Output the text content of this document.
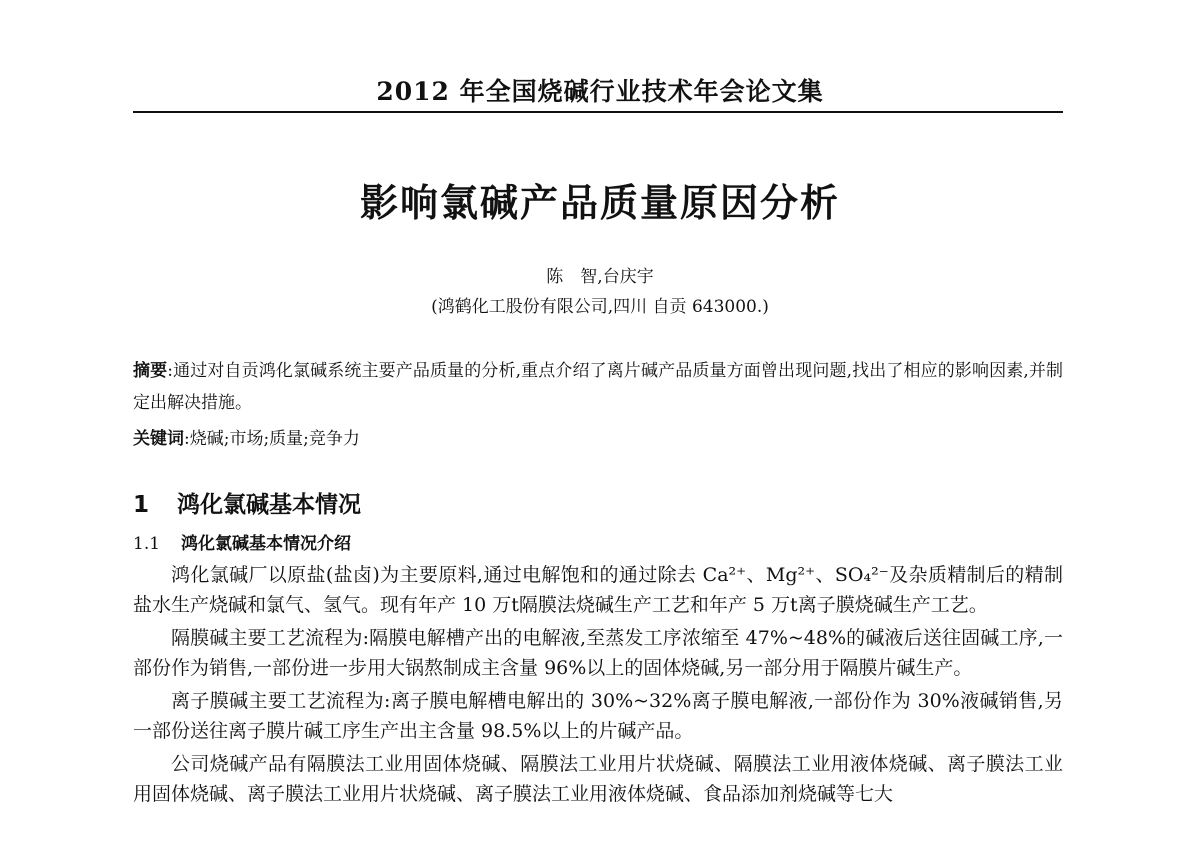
2012 年全国烧碱行业技术年会论文集
影响氯碱产品质量原因分析
陈　智,台庆宇
(鸿鹤化工股份有限公司,四川 自贡 643000.)
摘要:通过对自贡鸿化氯碱系统主要产品质量的分析,重点介绍了离片碱产品质量方面曾出现问题,找出了相应的影响因素,并制定出解决措施。
关键词:烧碱;市场;质量;竞争力
1 鸿化氯碱基本情况
1.1 鸿化氯碱基本情况介绍

鸿化氯碱厂以原盐(盐卤)为主要原料,通过电解饱和的通过除去 Ca²⁺、Mg²⁺、SO₄²⁻及杂质精制后的精制盐水生产烧碱和氯气、氢气。现有年产 10 万t隔膜法烧碱生产工艺和年产 5 万t离子膜烧碱生产工艺。

隔膜碱主要工艺流程为:隔膜电解槽产出的电解液,至蒸发工序浓缩至 47%~48%的碱液后送往固碱工序,一部份作为销售,一部份进一步用大锅熬制成主含量 96%以上的固体烧碱,另一部分用于隔膜片碱生产。

离子膜碱主要工艺流程为:离子膜电解槽电解出的 30%~32%离子膜电解液,一部份作为 30%液碱销售,另一部份送往离子膜片碱工序生产出主含量 98.5%以上的片碱产品。

公司烧碱产品有隔膜法工业用固体烧碱、隔膜法工业用片状烧碱、隔膜法工业用液体烧碱、离子膜法工业用固体烧碱、离子膜法工业用片状烧碱、离子膜法工业用液体烧碱、食品添加剂烧碱等七大
